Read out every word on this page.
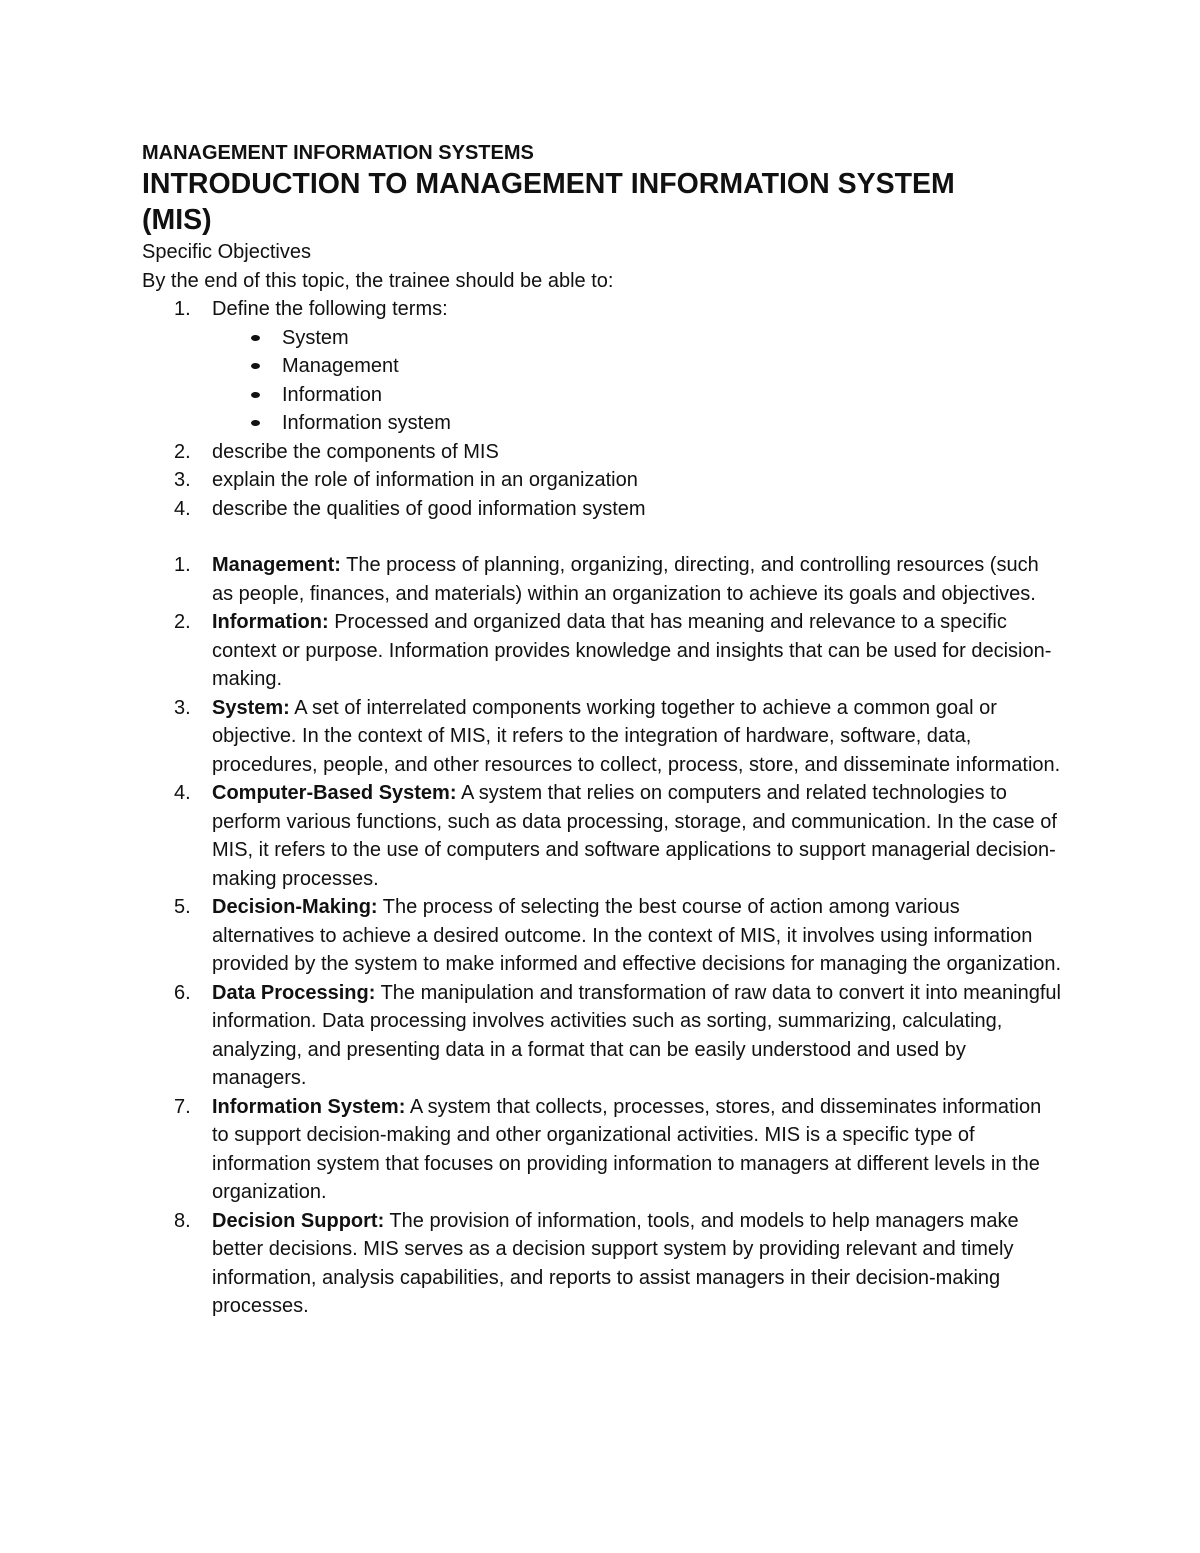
MANAGEMENT INFORMATION SYSTEMS
INTRODUCTION TO MANAGEMENT INFORMATION SYSTEM
(MIS)
Specific Objectives
By the end of this topic, the trainee should be able to:
1. Define the following terms:
System
Management
Information
Information system
2. describe the components of MIS
3. explain the role of information in an organization
4. describe the qualities of good information system
1. Management: The process of planning, organizing, directing, and controlling resources (such as people, finances, and materials) within an organization to achieve its goals and objectives.
2. Information: Processed and organized data that has meaning and relevance to a specific context or purpose. Information provides knowledge and insights that can be used for decision-making.
3. System: A set of interrelated components working together to achieve a common goal or objective. In the context of MIS, it refers to the integration of hardware, software, data, procedures, people, and other resources to collect, process, store, and disseminate information.
4. Computer-Based System: A system that relies on computers and related technologies to perform various functions, such as data processing, storage, and communication. In the case of MIS, it refers to the use of computers and software applications to support managerial decision-making processes.
5. Decision-Making: The process of selecting the best course of action among various alternatives to achieve a desired outcome. In the context of MIS, it involves using information provided by the system to make informed and effective decisions for managing the organization.
6. Data Processing: The manipulation and transformation of raw data to convert it into meaningful information. Data processing involves activities such as sorting, summarizing, calculating, analyzing, and presenting data in a format that can be easily understood and used by managers.
7. Information System: A system that collects, processes, stores, and disseminates information to support decision-making and other organizational activities. MIS is a specific type of information system that focuses on providing information to managers at different levels in the organization.
8. Decision Support: The provision of information, tools, and models to help managers make better decisions. MIS serves as a decision support system by providing relevant and timely information, analysis capabilities, and reports to assist managers in their decision-making processes.
